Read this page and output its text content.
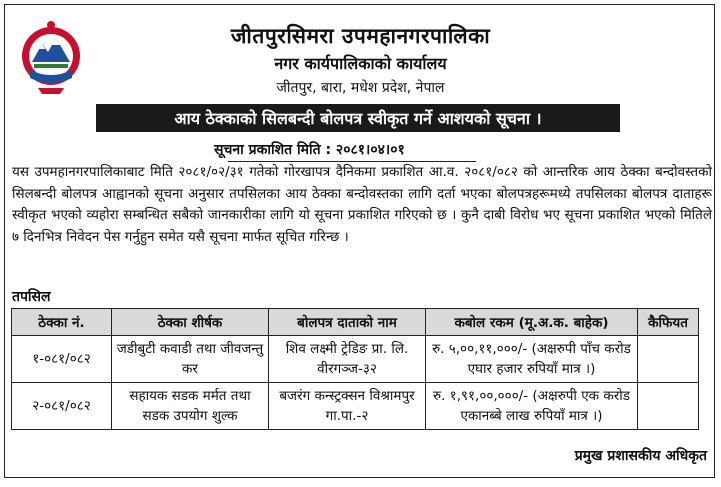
जीतपुरसिमरा उपमहानगरपालिका
नगर कार्यपालिकाको कार्यालय
जीतपुर, बारा, मधेश प्रदेश, नेपाल
आय ठेक्काको सिलबन्दी बोलपत्र स्वीकृत गर्ने आशयको सूचना ।
सूचना प्रकाशित मिति : २०८१।०४।०१
यस उपमहानगरपालिकाबाट मिति २०८१/०२/३१ गतेको गोरखापत्र दैनिकमा प्रकाशित आ.व. २०८१/०८२ को आन्तरिक आय ठेक्का बन्दोवस्तको सिलबन्दी बोलपत्र आह्वानको सूचना अनुसार तपसिलका आय ठेक्का बन्दोवस्तका लागि दर्ता भएका बोलपत्रहरूमध्ये तपसिलका बोलपत्र दाताहरू स्वीकृत भएको व्यहोरा सम्बन्धित सबैको जानकारीका लागि यो सूचना प्रकाशित गरिएको छ । कुनै दाबी विरोध भए सूचना प्रकाशित भएको मितिले ७ दिनभित्र निवेदन पेस गर्नुहुन समेत यसै सूचना मार्फत सूचित गरिन्छ ।
तपसिल
ठेक्का नं.	ठेक्का शीर्षक	बोलपत्र दाताको नाम	कबोल रकम (मू.अ.क. बाहेक)	कैफियत
१-०८१/०८२	जडीबुटी कवाडी तथा जीवजन्तु कर	शिव लक्ष्मी ट्रेडिङ प्रा. लि. वीरगञ्ज-३२	रु. ५,००,११,०००/- (अक्षरुपी पाँच करोड एघार हजार रुपियाँ मात्र ।)	
२-०८१/०८२	सहायक सडक मर्मत तथा सडक उपयोग शुल्क	बजरंग कन्स्ट्रक्सन विश्रामपुर गा.पा.-२	रु. १,९१,००,०००/- (अक्षरुपी एक करोड एकानब्बे लाख रुपियाँ मात्र ।)	
प्रमुख प्रशासकीय अधिकृत
